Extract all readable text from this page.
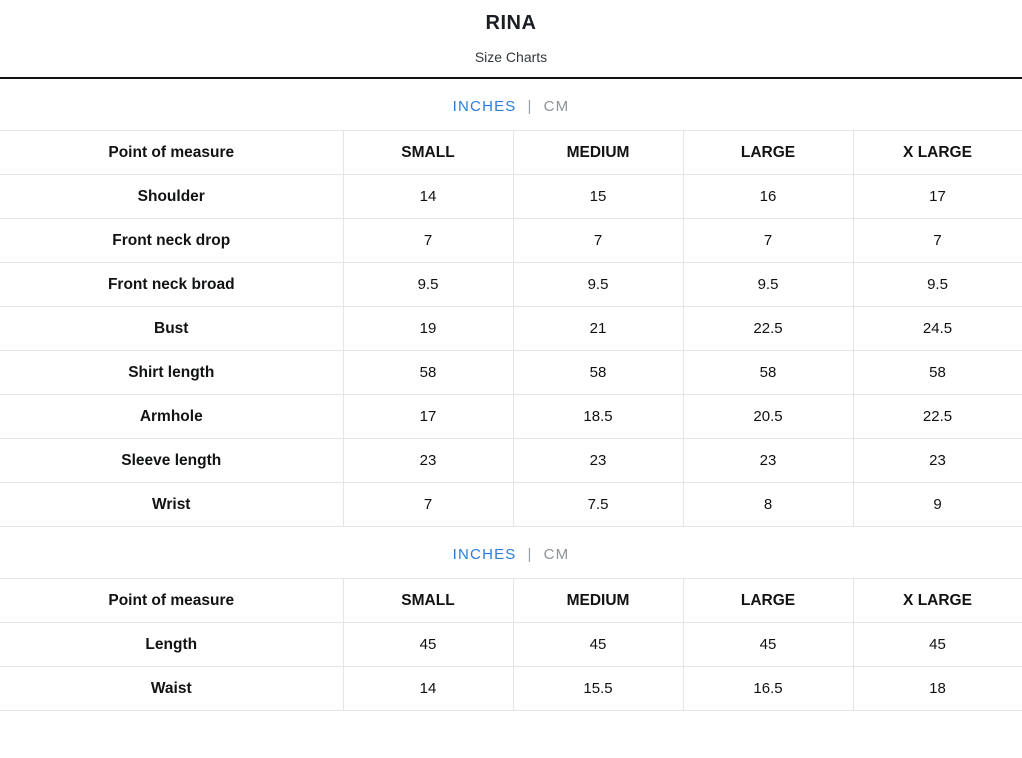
RINA
Size Charts
INCHES | CM
Point of measure	SMALL	MEDIUM	LARGE	X LARGE
Shoulder	14	15	16	17
Front neck drop	7	7	7	7
Front neck broad	9.5	9.5	9.5	9.5
Bust	19	21	22.5	24.5
Shirt length	58	58	58	58
Armhole	17	18.5	20.5	22.5
Sleeve length	23	23	23	23
Wrist	7	7.5	8	9
INCHES | CM
Point of measure	SMALL	MEDIUM	LARGE	X LARGE
Length	45	45	45	45
Waist	14	15.5	16.5	18
